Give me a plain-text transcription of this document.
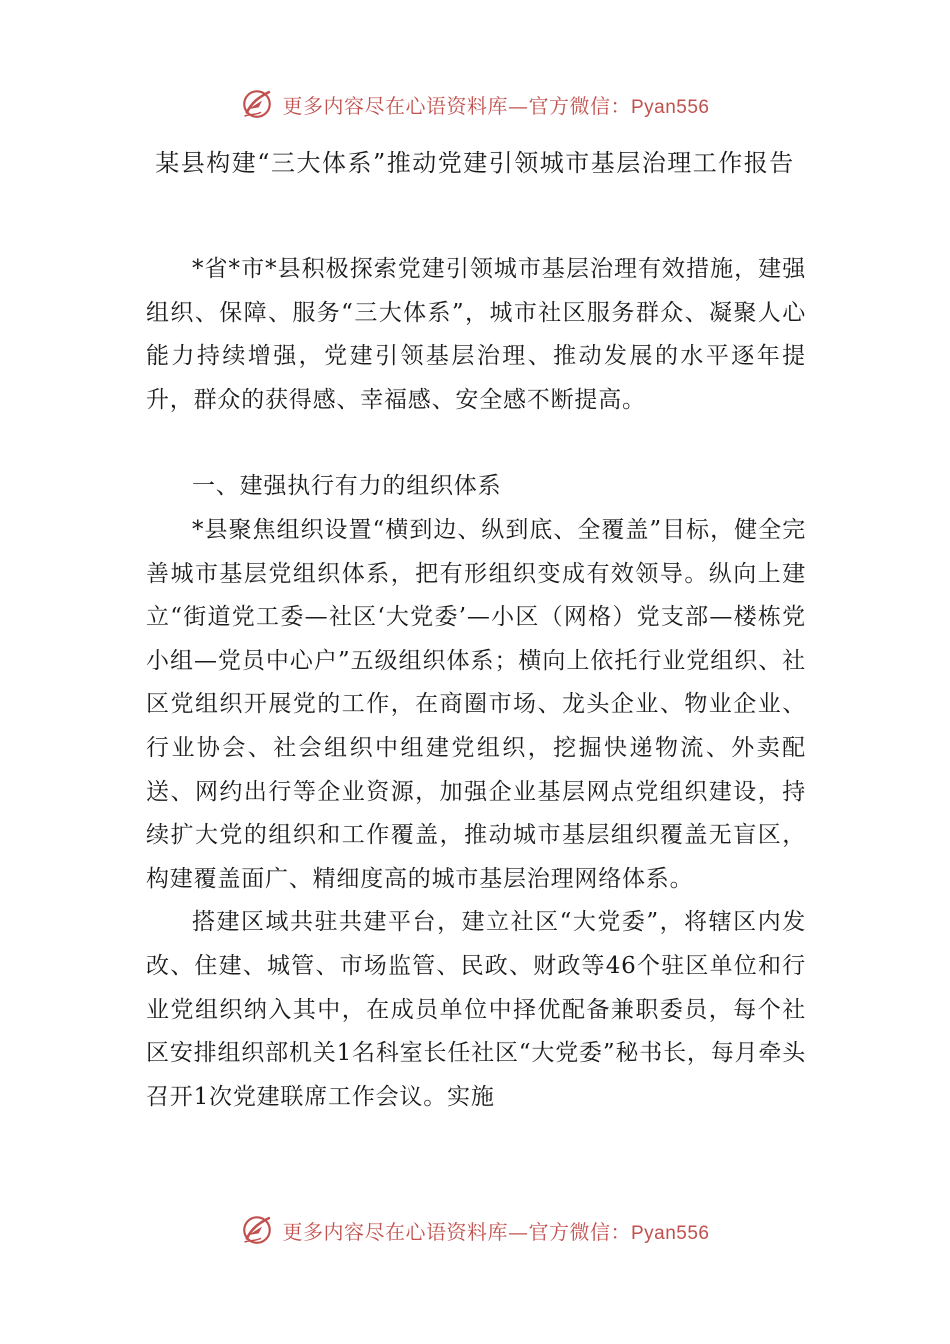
更多内容尽在心语资料库—官方微信：Pyan556
某县构建“三大体系”推动党建引领城市基层治理工作报告

*省*市*县积极探索党建引领城市基层治理有效措施，建强组织、保障、服务“三大体系”，城市社区服务群众、凝聚人心能力持续增强，党建引领基层治理、推动发展的水平逐年提升，群众的获得感、幸福感、安全感不断提高。

一、建强执行有力的组织体系

*县聚焦组织设置“横到边、纵到底、全覆盖”目标，健全完善城市基层党组织体系，把有形组织变成有效领导。纵向上建立“街道党工委—社区‘大党委’—小区（网格）党支部—楼栋党小组—党员中心户”五级组织体系；横向上依托行业党组织、社区党组织开展党的工作，在商圈市场、龙头企业、物业企业、行业协会、社会组织中组建党组织，挖掘快递物流、外卖配送、网约出行等企业资源，加强企业基层网点党组织建设，持续扩大党的组织和工作覆盖，推动城市基层组织覆盖无盲区，构建覆盖面广、精细度高的城市基层治理网络体系。

搭建区域共驻共建平台，建立社区“大党委”，将辖区内发改、住建、城管、市场监管、民政、财政等46个驻区单位和行业党组织纳入其中，在成员单位中择优配备兼职委员，每个社区安排组织部机关1名科室长任社区“大党委”秘书长，每月牵头召开1次党建联席工作会议。实施

更多内容尽在心语资料库—官方微信：Pyan556
